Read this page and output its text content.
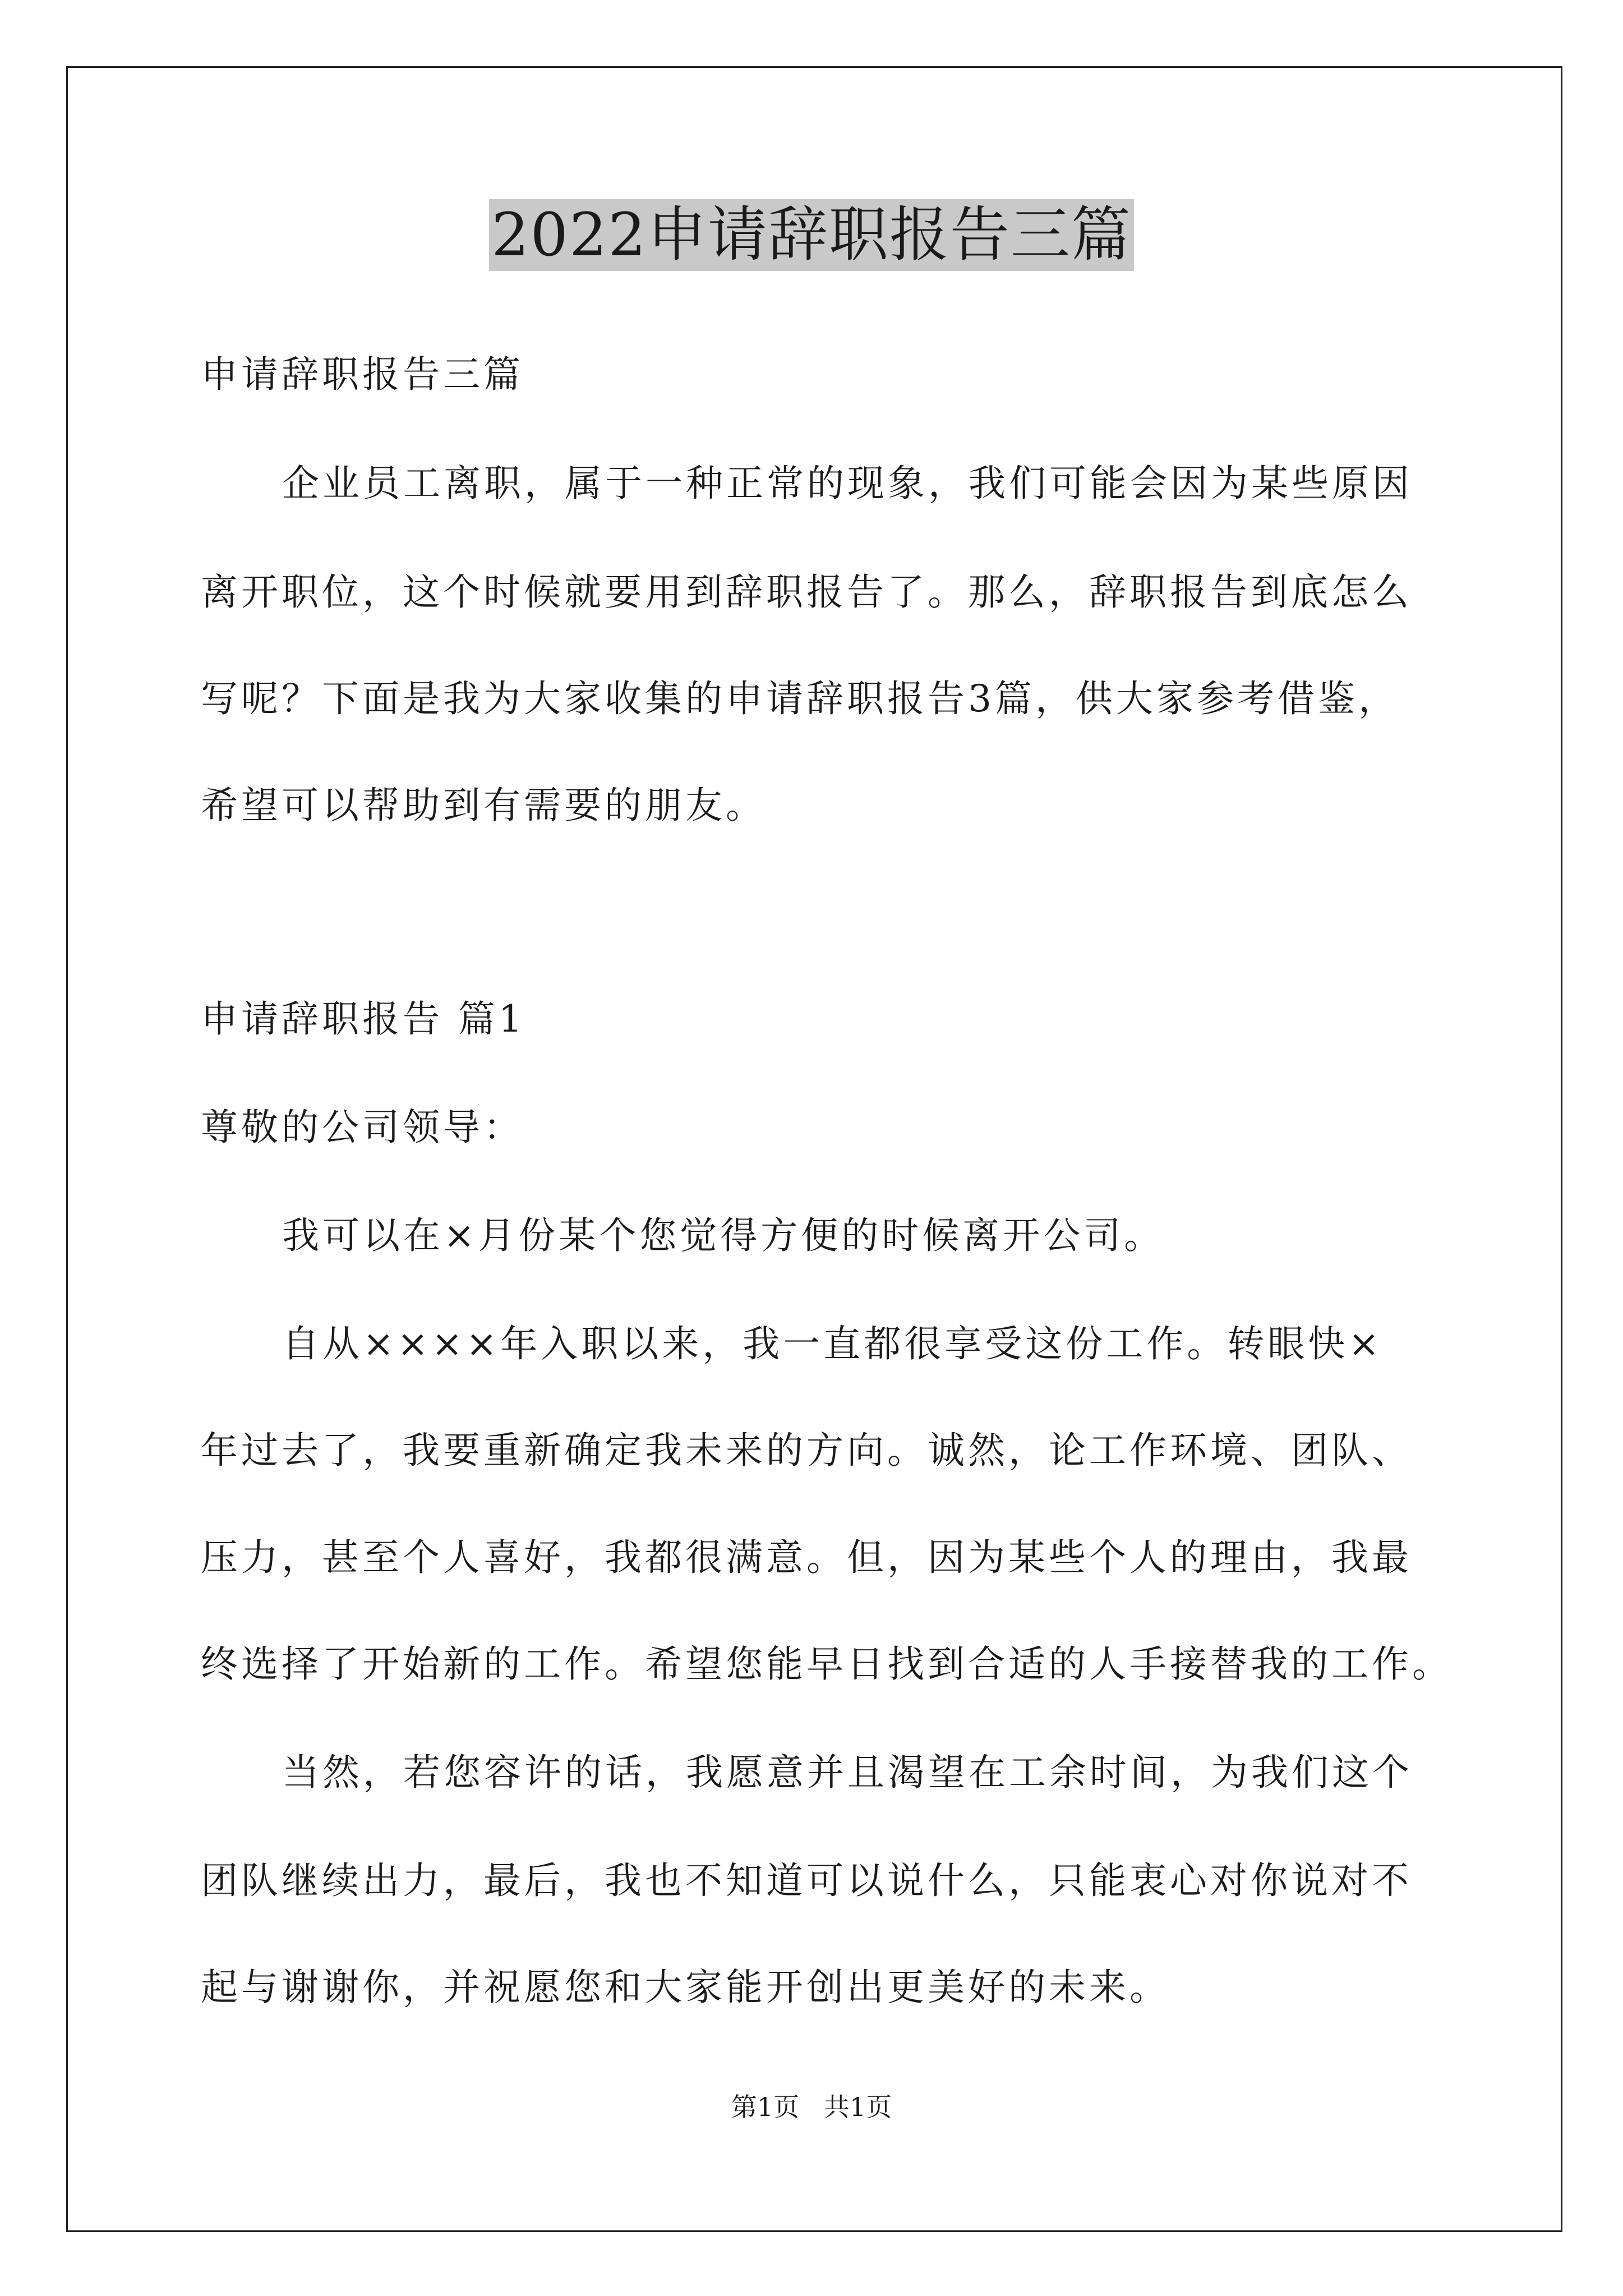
2022申请辞职报告三篇
申请辞职报告三篇
企业员工离职，属于一种正常的现象，我们可能会因为某些原因
离开职位，这个时候就要用到辞职报告了。那么，辞职报告到底怎么
写呢？下面是我为大家收集的申请辞职报告3篇，供大家参考借鉴，
希望可以帮助到有需要的朋友。
申请辞职报告 篇1
尊敬的公司领导：
我可以在×月份某个您觉得方便的时候离开公司。
自从××××年入职以来，我一直都很享受这份工作。转眼快×
年过去了，我要重新确定我未来的方向。诚然，论工作环境、团队、
压力，甚至个人喜好，我都很满意。但，因为某些个人的理由，我最
终选择了开始新的工作。希望您能早日找到合适的人手接替我的工作。
当然，若您容许的话，我愿意并且渴望在工余时间，为我们这个
团队继续出力，最后，我也不知道可以说什么，只能衷心对你说对不
起与谢谢你，并祝愿您和大家能开创出更美好的未来。
第1页   共1页
